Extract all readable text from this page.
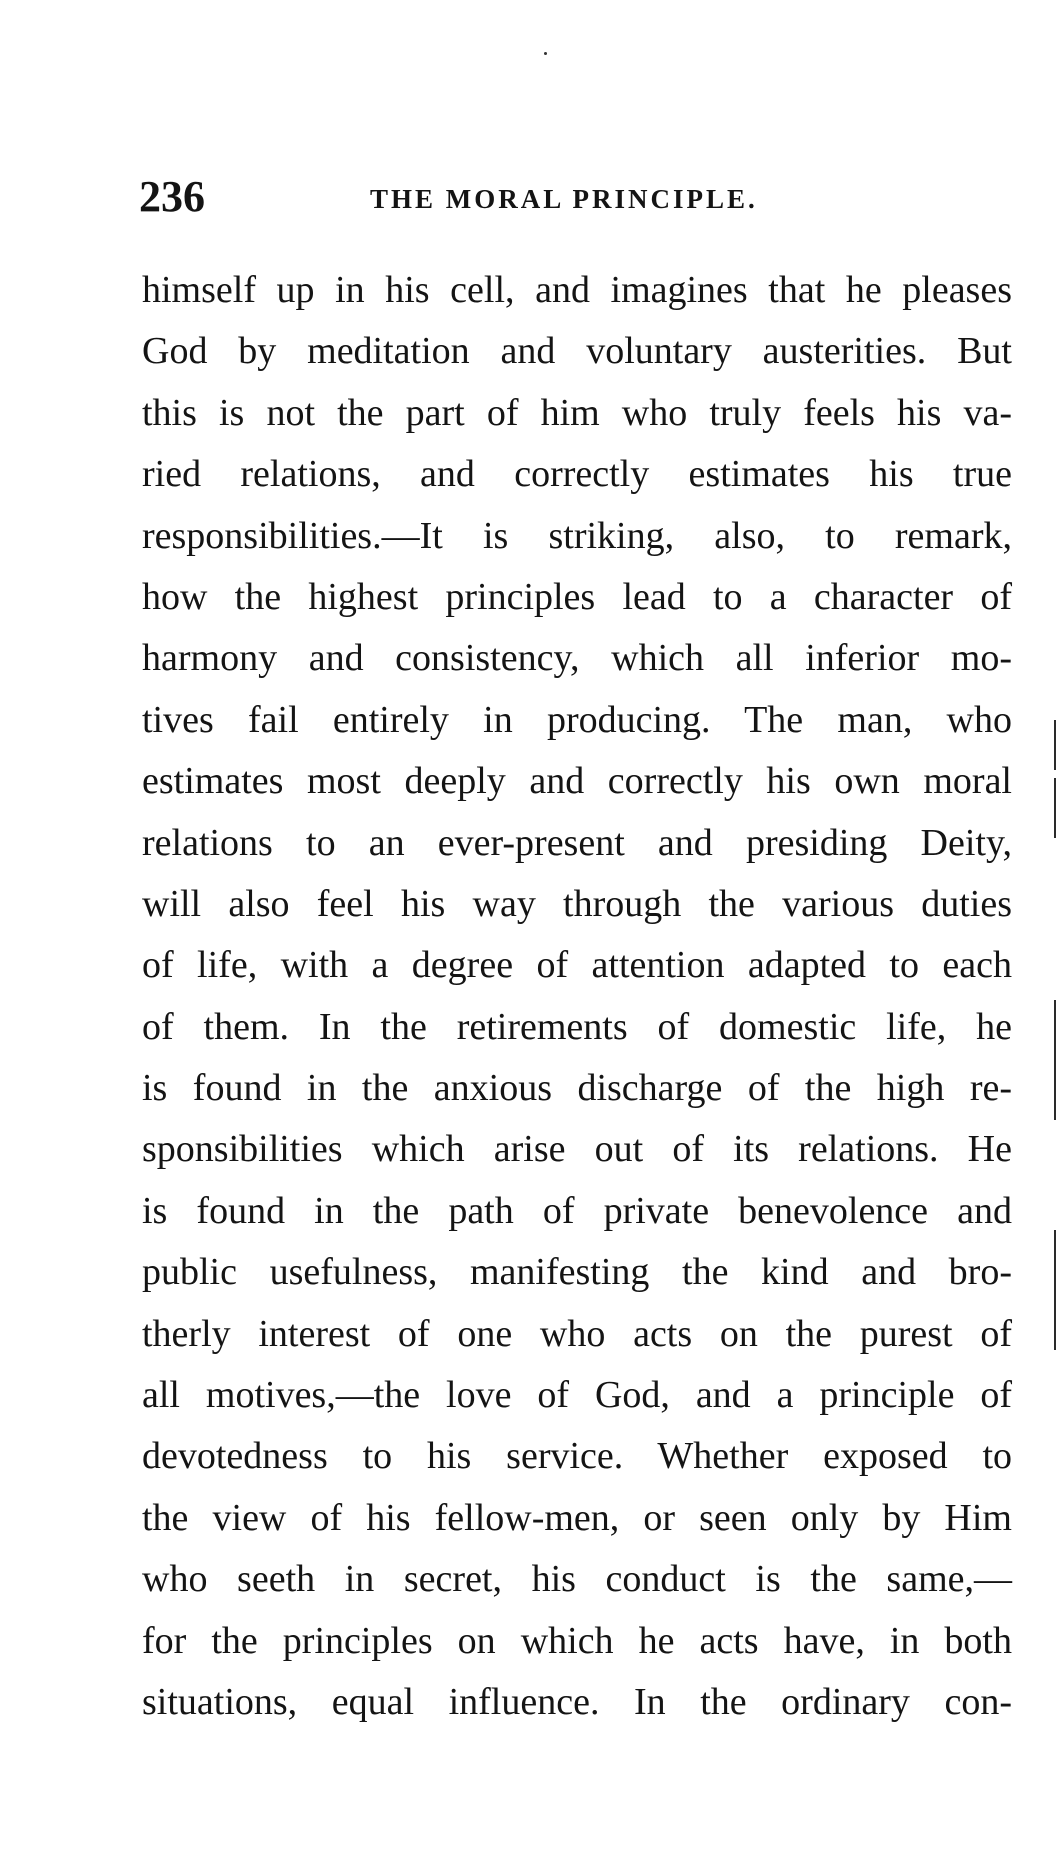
236	THE MORAL PRINCIPLE.
himself up in his cell, and imagines that he pleases
God by meditation and voluntary austerities. But
this is not the part of him who truly feels his va-
ried relations, and correctly estimates his true
responsibilities.—It is striking, also, to remark,
how the highest principles lead to a character of
harmony and consistency, which all inferior mo-
tives fail entirely in producing. The man, who
estimates most deeply and correctly his own moral
relations to an ever-present and presiding Deity,
will also feel his way through the various duties
of life, with a degree of attention adapted to each
of them. In the retirements of domestic life, he
is found in the anxious discharge of the high re-
sponsibilities which arise out of its relations. He
is found in the path of private benevolence and
public usefulness, manifesting the kind and bro-
therly interest of one who acts on the purest of
all motives,—the love of God, and a principle of
devotedness to his service. Whether exposed to
the view of his fellow-men, or seen only by Him
who seeth in secret, his conduct is the same,—
for the principles on which he acts have, in both
situations, equal influence. In the ordinary con-
